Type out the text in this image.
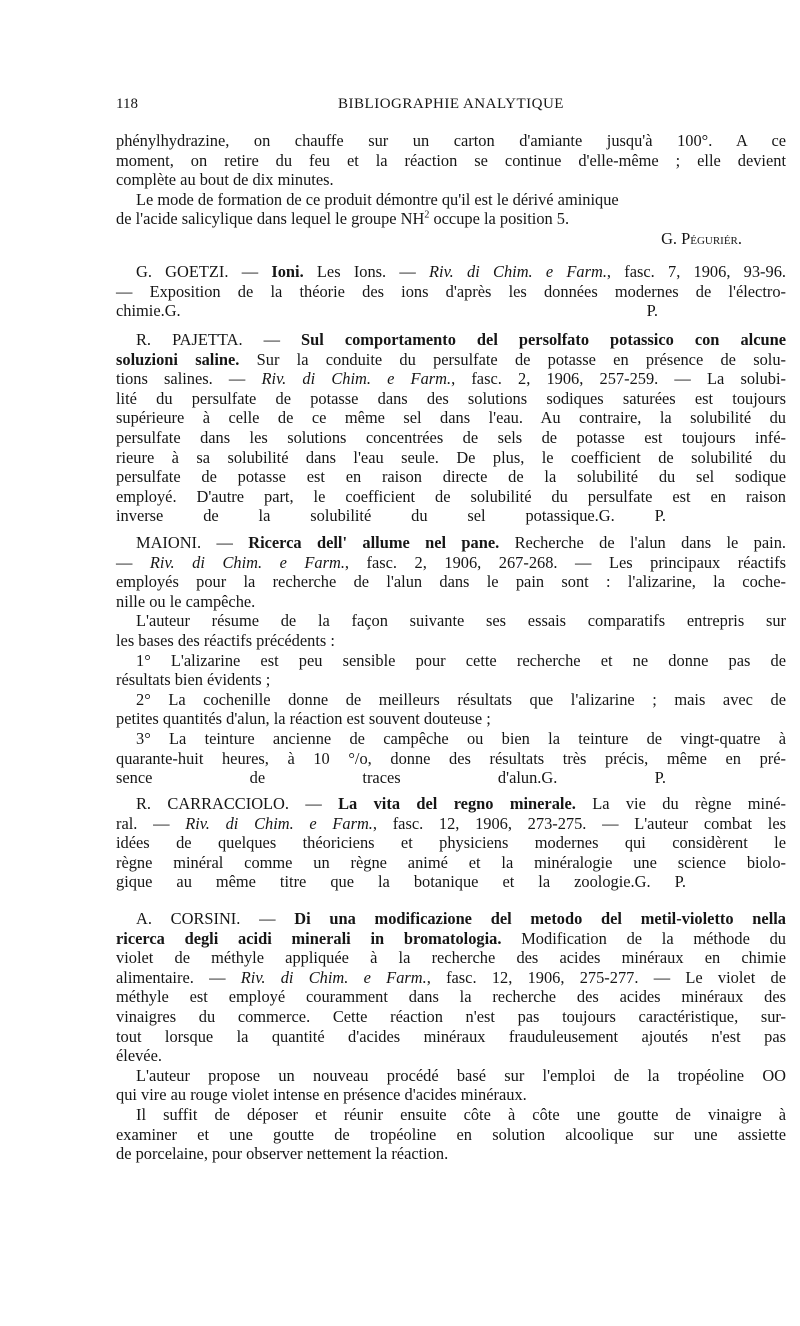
118	BIBLIOGRAPHIE ANALYTIQUE
phénylhydrazine, on chauffe sur un carton d'amiante jusqu'à 100°. A ce
moment, on retire du feu et la réaction se continue d'elle-même ; elle devient
complète au bout de dix minutes.
Le mode de formation de ce produit démontre qu'il est le dérivé aminique
de l'acide salicylique dans lequel le groupe $NH^2$ occupe la position 5.
G. Péguriér.
G. GOETZI. — Ioni. Les Ions. — Riv. di Chim. e Farm., fasc. 7, 1906, 93-96.
— Exposition de la théorie des ions d'après les données modernes de l'électro-
chimie.G. P.
R. PAJETTA. — Sul comportamento del persolfato potassico con alcune
soluzioni saline. Sur la conduite du persulfate de potasse en présence de solu-
tions salines. — Riv. di Chim. e Farm., fasc. 2, 1906, 257-259. — La solubi-
lité du persulfate de potasse dans des solutions sodiques saturées est toujours
supérieure à celle de ce même sel dans l'eau. Au contraire, la solubilité du
persulfate dans les solutions concentrées de sels de potasse est toujours infé-
rieure à sa solubilité dans l'eau seule. De plus, le coefficient de solubilité du
persulfate de potasse est en raison directe de la solubilité du sel sodique
employé. D'autre part, le coefficient de solubilité du persulfate est en raison
inverse de la solubilité du sel potassique.G. P.
MAIONI. — Ricerca dell' allume nel pane. Recherche de l'alun dans le pain.
— Riv. di Chim. e Farm., fasc. 2, 1906, 267-268. — Les principaux réactifs
employés pour la recherche de l'alun dans le pain sont : l'alizarine, la coche-
nille ou le campêche.
L'auteur résume de la façon suivante ses essais comparatifs entrepris sur
les bases des réactifs précédents :
1° L'alizarine est peu sensible pour cette recherche et ne donne pas de
résultats bien évidents ;
2° La cochenille donne de meilleurs résultats que l'alizarine ; mais avec de
petites quantités d'alun, la réaction est souvent douteuse ;
3° La teinture ancienne de campêche ou bien la teinture de vingt-quatre à
quarante-huit heures, à 10 °/o, donne des résultats très précis, même en pré-
sence de traces d'alun.G. P.
R. CARRACCIOLO. — La vita del regno minerale. La vie du règne miné-
ral. — Riv. di Chim. e Farm., fasc. 12, 1906, 273-275. — L'auteur combat les
idées de quelques théoriciens et physiciens modernes qui considèrent le
règne minéral comme un règne animé et la minéralogie une science biolo-
gique au même titre que la botanique et la zoologie.G. P.
A. CORSINI. — Di una modificazione del metodo del metil-violetto nella
ricerca degli acidi minerali in bromatologia. Modification de la méthode du
violet de méthyle appliquée à la recherche des acides minéraux en chimie
alimentaire. — Riv. di Chim. e Farm., fasc. 12, 1906, 275-277. — Le violet de
méthyle est employé couramment dans la recherche des acides minéraux des
vinaigres du commerce. Cette réaction n'est pas toujours caractéristique, sur-
tout lorsque la quantité d'acides minéraux frauduleusement ajoutés n'est pas
élevée.
L'auteur propose un nouveau procédé basé sur l'emploi de la tropéoline OO
qui vire au rouge violet intense en présence d'acides minéraux.
Il suffit de déposer et réunir ensuite côte à côte une goutte de vinaigre à
examiner et une goutte de tropéoline en solution alcoolique sur une assiette
de porcelaine, pour observer nettement la réaction.
